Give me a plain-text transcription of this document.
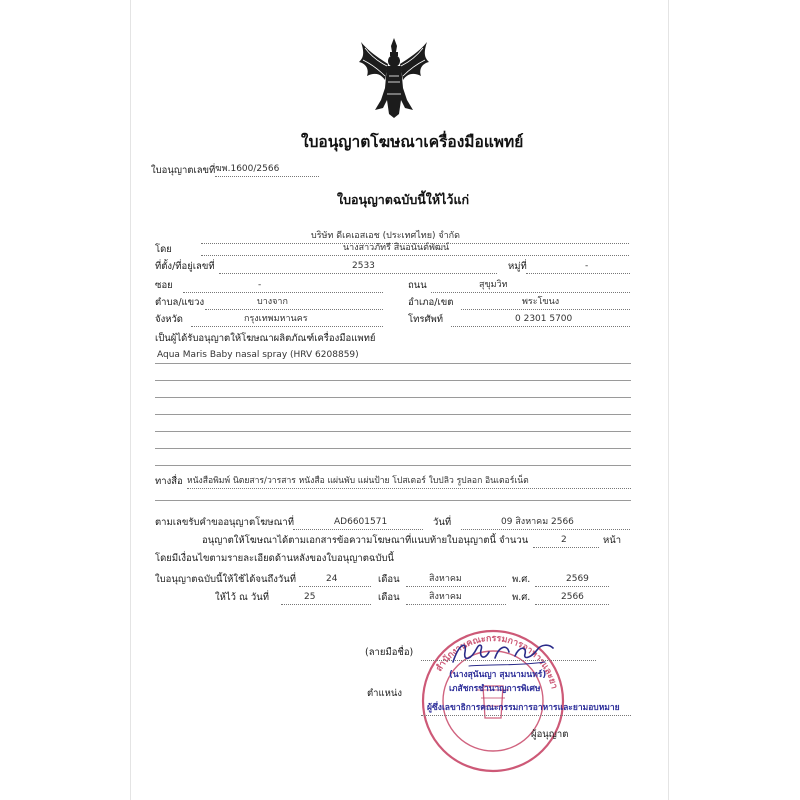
ใบอนุญาตโฆษณาเครื่องมือแพทย์
ใบอนุญาตเลขที่ ฆพ.1600/2566
ใบอนุญาตฉบับนี้ให้ไว้แก่
บริษัท ดีเคเอสเอช (ประเทศไทย) จำกัด
โดย	นางสาวภัทรี สินอนันต์พัฒน์
ที่ตั้ง/ที่อยู่เลขที่	2533	หมู่ที่	-
ซอย	-	ถนน	สุขุมวิท
ตำบล/แขวง	บางจาก	อำเภอ/เขต	พระโขนง
จังหวัด	กรุงเทพมหานคร	โทรศัพท์	0 2301 5700
เป็นผู้ได้รับอนุญาตให้โฆษณาผลิตภัณฑ์เครื่องมือแพทย์
Aqua Maris Baby nasal spray (HRV 6208859)
ทางสื่อ หนังสือพิมพ์ นิตยสาร/วารสาร หนังสือ แผ่นพับ แผ่นป้าย โปสเตอร์ ใบปลิว รูปลอก อินเตอร์เน็ต
ตามเลขรับคำขออนุญาตโฆษณาที่	AD6601571	วันที่	09 สิงหาคม 2566
อนุญาตให้โฆษณาได้ตามเอกสารข้อความโฆษณาที่แนบท้ายใบอนุญาตนี้ จำนวน	2	หน้า
โดยมีเงื่อนไขตามรายละเอียดด้านหลังของใบอนุญาตฉบับนี้
ใบอนุญาตฉบับนี้ให้ใช้ได้จนถึงวันที่	24	เดือน	สิงหาคม	พ.ศ.	2569
ให้ไว้ ณ วันที่	25	เดือน	สิงหาคม	พ.ศ.	2566
สำนักงานคณะกรรมการอาหารและยา
(ลายมือชื่อ)
(นางสุนันญา สุมนามนทร์)
ตำแหน่ง	เภสัชกรชำนาญการพิเศษ
ผู้ซึ่งเลขาธิการคณะกรรมการอาหารและยามอบหมาย
ผู้อนุญาต
